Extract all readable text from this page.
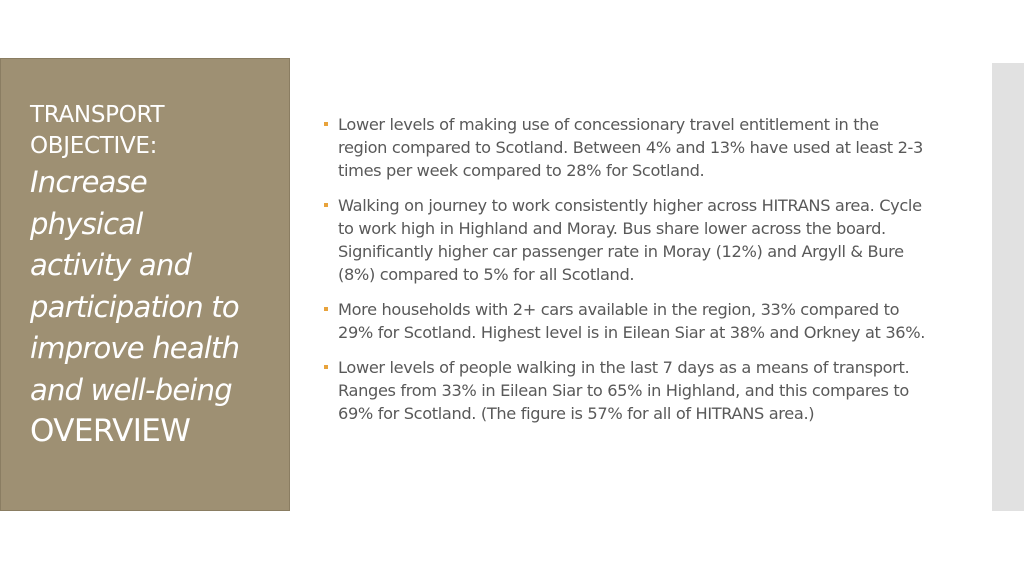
TRANSPORT
OBJECTIVE:
Increase
physical
activity and
participation to
improve health
and well-being
OVERVIEW
Lower levels of making use of concessionary travel entitlement in the region compared to Scotland. Between 4% and 13% have used at least 2-3 times per week compared to 28% for Scotland.
Walking on journey to work consistently higher across HITRANS area. Cycle to work high in Highland and Moray. Bus share lower across the board. Significantly higher car passenger rate in Moray (12%) and Argyll & Bure (8%) compared to 5% for all Scotland.
More households with 2+ cars available in the region, 33% compared to 29% for Scotland. Highest level is in Eilean Siar at 38% and Orkney at 36%.
Lower levels of people walking in the last 7 days as a means of transport. Ranges from 33% in Eilean Siar to 65% in Highland, and this compares to 69% for Scotland. (The figure is 57% for all of HITRANS area.)
